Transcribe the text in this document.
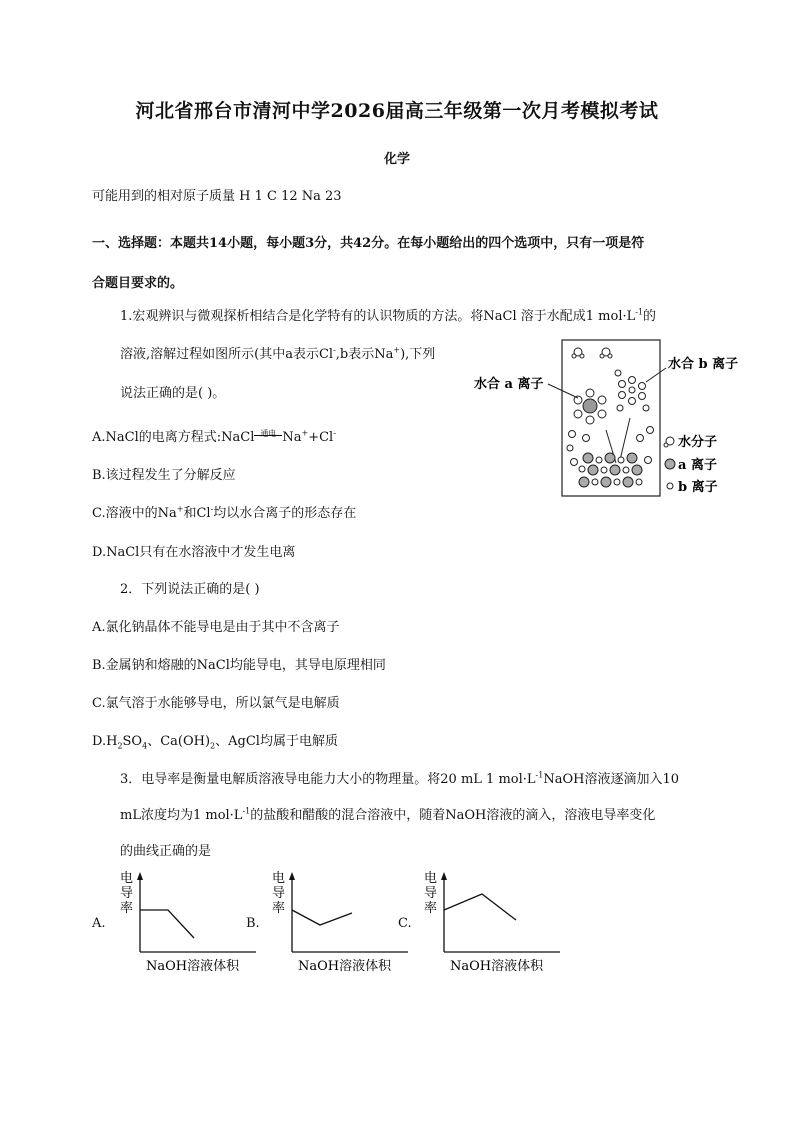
河北省邢台市清河中学2026届高三年级第一次月考模拟考试
化学
可能用到的相对原子质量 H 1 C 12 Na 23
一、选择题：本题共14小题，每小题3分，共42分。在每小题给出的四个选项中，只有一项是符
合题目要求的。
1.宏观辨识与微观探析相结合是化学特有的认识物质的方法。将NaCl 溶于水配成1 $mol\cdot L^{-1}$的
溶液,溶解过程如图所示(其中a表示Cl-,b表示Na+),下列
说法正确的是( )。
A.NaCl的电离方程式:NaCl 通电 Na++Cl-
B.该过程发生了分解反应
C.溶液中的Na+和Cl-均以水合离子的形态存在
D.NaCl只有在水溶液中才发生电离
水合 a 离子
水合 b 离子
水分子
a 离子
b 离子
2．下列说法正确的是( )
A.氯化钠晶体不能导电是由于其中不含离子
B.金属钠和熔融的NaCl均能导电，其导电原理相同
C.氯气溶于水能够导电，所以氯气是电解质
$D.H_2SO_4$、$Ca(OH)_2$、AgCl均属于电解质
3．电导率是衡量电解质溶液导电能力大小的物理量。将20 mL 1 $mol\cdot L^{-1}NaOH$溶液逐滴加入10
mL浓度均为1 $mol\cdot L^{-1}$的盐酸和醋酸的混合溶液中，随着NaOH溶液的滴入，溶液电导率变化
的曲线正确的是
A.
电
导
率
NaOH溶液体积
B.
电
导
率
NaOH溶液体积
C.
电
导
率
NaOH溶液体积
